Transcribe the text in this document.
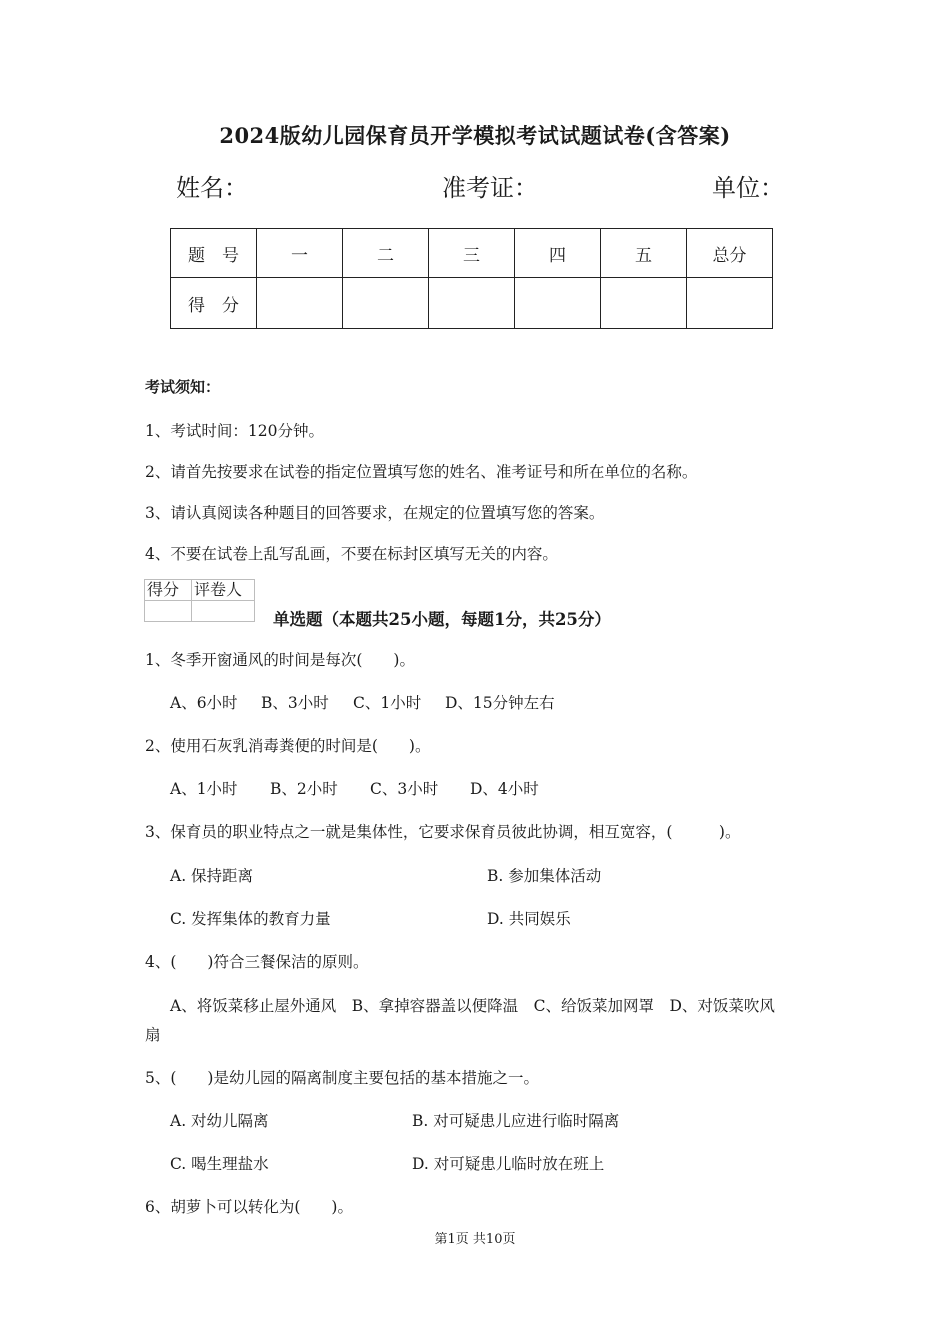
2024版幼儿园保育员开学模拟考试试题试卷(含答案)
姓名：	准考证：	单位：
题　号	一	二	三	四	五	总分
得　分						
考试须知：
1、考试时间：120分钟。
2、请首先按要求在试卷的指定位置填写您的姓名、准考证号和所在单位的名称。
3、请认真阅读各种题目的回答要求，在规定的位置填写您的答案。
4、不要在试卷上乱写乱画，不要在标封区填写无关的内容。
得分	评卷人

单选题（本题共25小题，每题1分，共25分）
1、冬季开窗通风的时间是每次(　　)。
A、6小时 B、3小时 C、1小时 D、15分钟左右
2、使用石灰乳消毒粪便的时间是(　　)。
A、1小时 B、2小时 C、3小时 D、4小时
3、保育员的职业特点之一就是集体性，它要求保育员彼此协调，相互宽容，(　　　)。
A. 保持距离	B. 参加集体活动
C. 发挥集体的教育力量	D. 共同娱乐
4、(　　)符合三餐保洁的原则。
A、将饭菜移止屋外通风　B、拿掉容器盖以便降温　C、给饭菜加网罩　D、对饭菜吹风
扇
5、(　　)是幼儿园的隔离制度主要包括的基本措施之一。
A. 对幼儿隔离	B. 对可疑患儿应进行临时隔离
C. 喝生理盐水	D. 对可疑患儿临时放在班上
6、胡萝卜可以转化为(　　)。
第1页 共10页
